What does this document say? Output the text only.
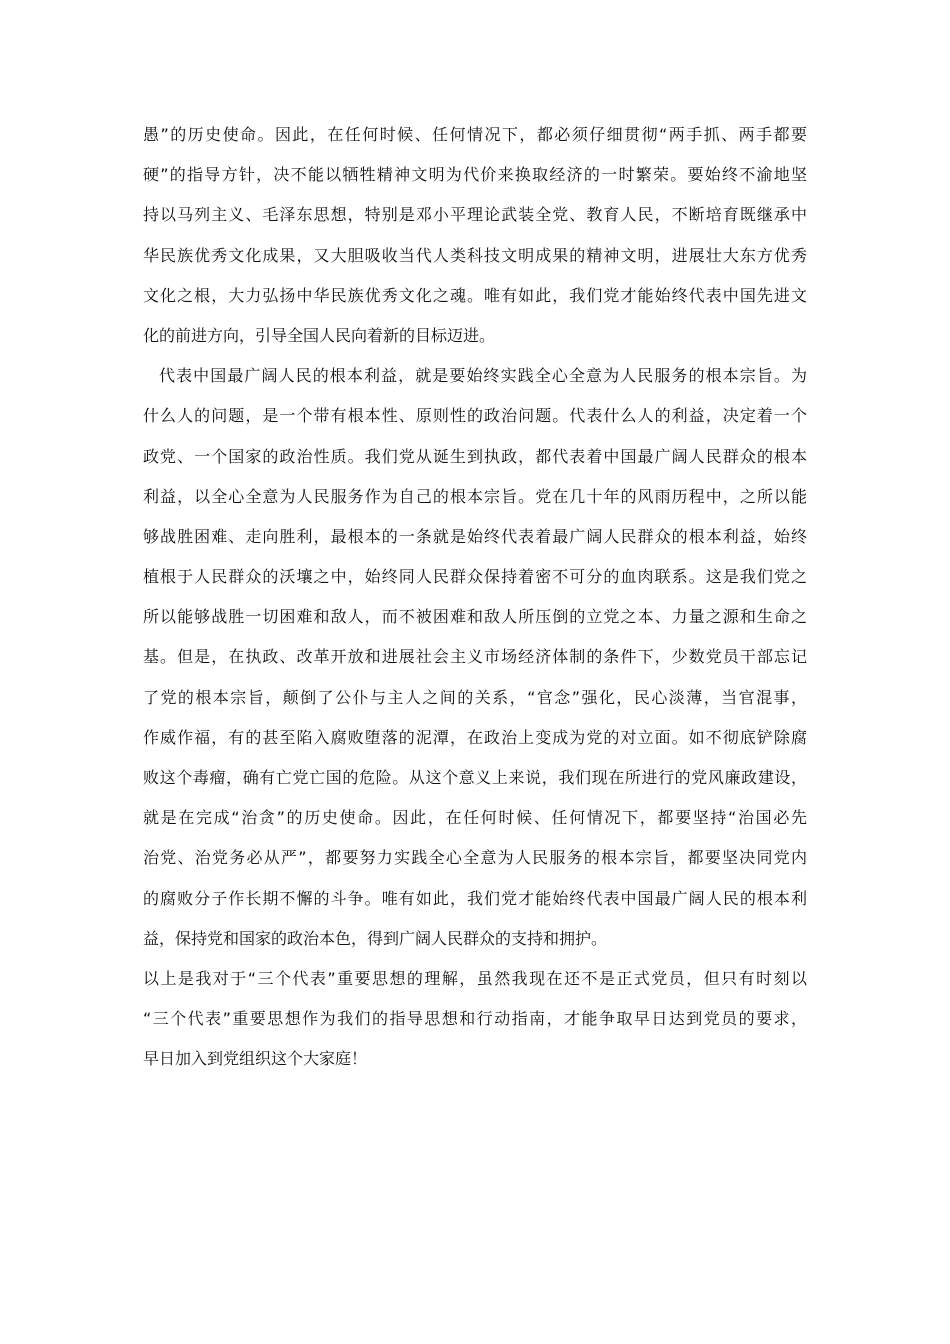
愚”的历史使命。因此，在任何时候、任何情况下，都必须仔细贯彻“两手抓、两手都要
硬”的指导方针，决不能以牺牲精神文明为代价来换取经济的一时繁荣。要始终不渝地坚
持以马列主义、毛泽东思想，特别是邓小平理论武装全党、教育人民，不断培育既继承中
华民族优秀文化成果，又大胆吸收当代人类科技文明成果的精神文明，进展壮大东方优秀
文化之根，大力弘扬中华民族优秀文化之魂。唯有如此，我们党才能始终代表中国先进文
化的前进方向，引导全国人民向着新的目标迈进。
代表中国最广阔人民的根本利益，就是要始终实践全心全意为人民服务的根本宗旨。为
什么人的问题，是一个带有根本性、原则性的政治问题。代表什么人的利益，决定着一个
政党、一个国家的政治性质。我们党从诞生到执政，都代表着中国最广阔人民群众的根本
利益，以全心全意为人民服务作为自己的根本宗旨。党在几十年的风雨历程中，之所以能
够战胜困难、走向胜利，最根本的一条就是始终代表着最广阔人民群众的根本利益，始终
植根于人民群众的沃壤之中，始终同人民群众保持着密不可分的血肉联系。这是我们党之
所以能够战胜一切困难和敌人，而不被困难和敌人所压倒的立党之本、力量之源和生命之
基。但是，在执政、改革开放和进展社会主义市场经济体制的条件下，少数党员干部忘记
了党的根本宗旨，颠倒了公仆与主人之间的关系，“官念”强化，民心淡薄，当官混事，
作威作福，有的甚至陷入腐败堕落的泥潭，在政治上变成为党的对立面。如不彻底铲除腐
败这个毒瘤，确有亡党亡国的危险。从这个意义上来说，我们现在所进行的党风廉政建设，
就是在完成“治贪”的历史使命。因此，在任何时候、任何情况下，都要坚持“治国必先
治党、治党务必从严”，都要努力实践全心全意为人民服务的根本宗旨，都要坚决同党内
的腐败分子作长期不懈的斗争。唯有如此，我们党才能始终代表中国最广阔人民的根本利
益，保持党和国家的政治本色，得到广阔人民群众的支持和拥护。
以上是我对于“三个代表”重要思想的理解，虽然我现在还不是正式党员，但只有时刻以
“三个代表”重要思想作为我们的指导思想和行动指南，才能争取早日达到党员的要求，
早日加入到党组织这个大家庭！
